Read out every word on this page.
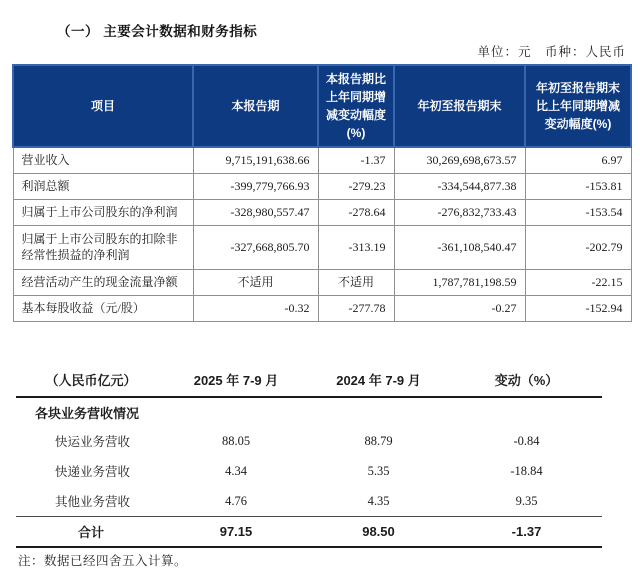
（一） 主要会计数据和财务指标
单位：元　币种：人民币
项目	本报告期	本报告期比上年同期增减变动幅度(%)	年初至报告期末	年初至报告期末比上年同期增减变动幅度(%)
营业收入	9,715,191,638.66	-1.37	30,269,698,673.57	6.97
利润总额	-399,779,766.93	-279.23	-334,544,877.38	-153.81
归属于上市公司股东的净利润	-328,980,557.47	-278.64	-276,832,733.43	-153.54
归属于上市公司股东的扣除非经常性损益的净利润	-327,668,805.70	-313.19	-361,108,540.47	-202.79
经营活动产生的现金流量净额	不适用	不适用	1,787,781,198.59	-22.15
基本每股收益（元/股）	-0.32	-277.78	-0.27	-152.94
（人民币亿元）	2025 年 7-9 月	2024 年 7-9 月	变动（%）
各块业务营收情况
快运业务营收	88.05	88.79	-0.84
快递业务营收	4.34	5.35	-18.84
其他业务营收	4.76	4.35	9.35
合计	97.15	98.50	-1.37
注：数据已经四舍五入计算。
